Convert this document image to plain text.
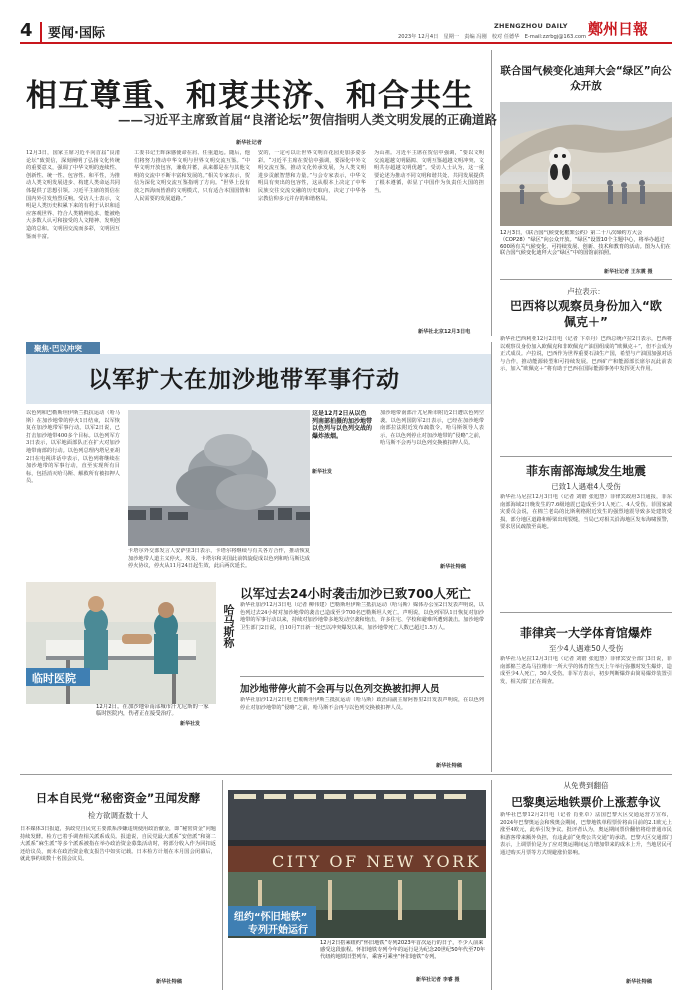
4 要闻·国际	ZHENGZHOU DAILY 鄭州日報
2023年 12月4日　星期一　责编 冯刚　校对 任德华　E-mail:zzrbgj@163.com
相互尊重、和衷共济、和合共生
——习近平主席致首届“良渚论坛”贺信指明人类文明发展的正确道路
新华社记者
12月3日，国家主席习近平向首届“良渚论坛”致贺信，深刻阐明了弘扬文化传统的重要意义，强调了中华文明的连续性、创新性、统一性、包容性、和平性，为推动人类文明发展进步、构建人类命运共同体提供了思想引领。习近平主席的贺信在国内外引发热烈反响。受访人士表示，文明是人类历史积累下来的有利于认识和适应客观世界、符合人类精神追求、能被绝大多数人认可和接受的人文精神、发明创造的总和。文明因交流而多彩，文明因互鉴而丰富。
工委书记王晖深感使命在肩、任重道远。随后，他们将努力推动中华文明与世界文明交流互鉴。“中华文明开放包容，兼收并蓄，从来都是在与其他文明的交流中不断丰富和发展的。”相关专家表示，贺信为深化文明交流互鉴指明了方向。“世界上没有放之四海而皆准的文明模式，只有适合本国国情和人民需要的发展道路。”
安的，一定可以让世界文明百花园更加多姿多彩。“习近平主席在贺信中强调，要深化中外文明交流互鉴，推动文化传承发展，为人类文明进步贡献智慧和力量。”与会专家表示，中华文明具有突出的包容性，这从根本上决定了中华民族交往交流交融的历史取向，决定了中华各宗教信仰多元并存的和谐格局。
为山祖。习近平主席在贺信中强调，“要以文明交流超越文明隔阂、文明互鉴超越文明冲突、文明共存超越文明优越”。受访人士认为，这一重要论述为推动不同文明和谐共处、共同发展提供了根本遵循，彰显了中国作为负责任大国的担当。
新华社北京12月3日电
联合国气候变化迪拜大会“绿区”向公众开放
12月3日，《联合国气候变化框架公约》第二十八次缔约方大会（COP28）“绿区”向公众开放。“绿区”设置10个主题中心，将举办超过600场有关气候变化、可持续发展、创新、技术和教育的活动。图为人们在联合国气候变化迪拜大会“绿区”中的国馆前拍照。
新华社记者 王东震 摄
卢拉表示：
巴西将以观察员身份加入“欧佩克＋”
新华社巴西利亚12月2日电（记者 卞卓丹）巴西总统卢拉2日表示，巴西将以观察员身份加入欧佩克和非欧佩克产油国组成的“欧佩克＋”，但不会成为正式成员。卢拉说，巴西作为世界重要石油生产国，希望与产油国加强对话与合作，推动能源转型和可持续发展。巴西矿产和能源部长席尔瓦此前表示，加入“欧佩克＋”将有助于巴西在国际能源事务中发挥更大作用。
聚焦·巴以冲突
以军扩大在加沙地带军事行动
以色列和巴勒斯坦伊斯兰抵抗运动（哈马斯）在加沙地带的停火1日结束，以军恢复在加沙地带军事行动。以军2日说，已打击加沙地带400多个目标。以色列军方3日表示，以军地面部队正在扩大对加沙地带南部的行动。以色列总理内塔尼亚胡2日在电视讲话中表示，以色列将继续在加沙地带的军事行动，直至实现所有目标，包括消灭哈马斯、解救所有被扣押人员。
这是12月2日从以色列南部拍摄的加沙地带以色列与以色列交战的爆炸浓烟。
新华社发
卡塔尔外交部发言人安萨里3日表示，卡塔尔将继续与有关各方合作，推动恢复加沙地带人道主义停火。埃及、卡塔尔和美国此前斡旋促成以色列和哈马斯达成停火协议，停火从11月24日起生效，此后两次延长。
加沙地带南部汗尤尼斯市附近2日遭以色列空袭。以色列国防军2日表示，已经在加沙地带南部拉法附近发布疏散令。哈马斯领导人表示，在以色列停止对加沙地带的“侵略”之前，哈马斯不会再与以色列交换被扣押人员。
新华社特稿
菲东南部海域发生地震
已致1人遇难4人受伤
新华社马尼拉12月3日电（记者 刘锴 张旭慧）菲律宾政府3日通报，菲东南部海域2日晚发生的7.6级地震已造成至少1人死亡、4人受伤。菲国家减灾委员会说，在棉兰老岛的比斯利格附近发生的强烈地震导致多处建筑受损，部分地区道路和桥梁出现裂缝，当局已对相关沿海地区发布海啸预警，要求居民疏散至高地。
菲律宾一大学体育馆爆炸
至少4人遇难50人受伤
新华社马尼拉12月3日电（记者 刘锴 张旭慧）菲律宾安全部门3日说，菲南部棉兰老岛马拉维市一所大学的体育馆当天上午举行弥撒时发生爆炸，造成至少4人死亡，50人受伤。菲军方表示，初步判断爆炸由简易爆炸装置引发，相关部门正在调查。
临时医院
12月2日，在加沙地带南部城市汗尤尼斯的一家临时医院内，伤者正在接受治疗。
新华社发
哈马斯称
以军过去24小时袭击加沙已致700人死亡
新华社加沙12月3日电（记者 柳伟建）巴勒斯坦伊斯兰抵抗运动（哈马斯）媒体办公室2日发表声明说，以色列过去24小时对加沙地带的袭击已造成至少700名巴勒斯坦人死亡。声明说，以色列军队1日恢复对加沙地带的军事行动以来，持续对加沙地带多地发动空袭和炮击，许多住宅、学校和避难所遭到袭击。加沙地带卫生部门2日说，自10月7日新一轮巴以冲突爆发以来，加沙地带死亡人数已超过1.5万人。
加沙地带停火前不会再与以色列交换被扣押人员
新华社加沙12月2日电 巴勒斯坦伊斯兰抵抗运动（哈马斯）政治局副主席阿鲁里2日发表声明说，在以色列停止对加沙地带的“侵略”之前，哈马斯不会再与以色列交换被扣押人员。
新华社特稿
日本自民党“秘密资金”丑闻发酵
检方欲调查数十人
日本媒体3日报道，执政党自民党主要派系涉嫌违规使用政治献金，即“秘密资金”问题持续发酵。检方已着手调查相关派系成员。报道说，自民党最大派系“安倍派”和第二大派系“麻生派”等多个派系被指在举办政治资金募集活动时，将部分收入作为回扣返还给议员，而未在政治资金收支报告中如实记载。日本检方计划在本月国会闭幕后，就此事约谈数十名国会议员。
新华社特稿
CITY OF NEW YORK
纽约“怀旧地铁”
专列开始运行
12月2日搭乘纽约“怀旧地铁”专列2023年首次运行的日子，不少人前来感受这段旅程。怀旧地铁专列今年的运行是为纪念20世纪50年代至70年代纽约地铁旧型列车，乘客可乘坐“怀旧地铁”专列。
新华社记者 李睿 摄
从免费到翻倍
巴黎奥运地铁票价上涨惹争议
新华社巴黎12月2日电（记者 肖亚卓）法国巴黎大区交通运营方宣布，2024年巴黎奥运会和残奥会期间，巴黎地铁单程票价将由目前的2.1欧元上涨至4欧元，此举引发争议。批评者认为，奥运期间票价翻倍将给普通市民和游客带来额外负担，有违此前“免费公共交通”的承诺。巴黎大区交通部门表示，上调票价是为了应对奥运期间运力增加带来的成本上升，当地居民可通过购买月票等方式规避涨价影响。
新华社特稿
